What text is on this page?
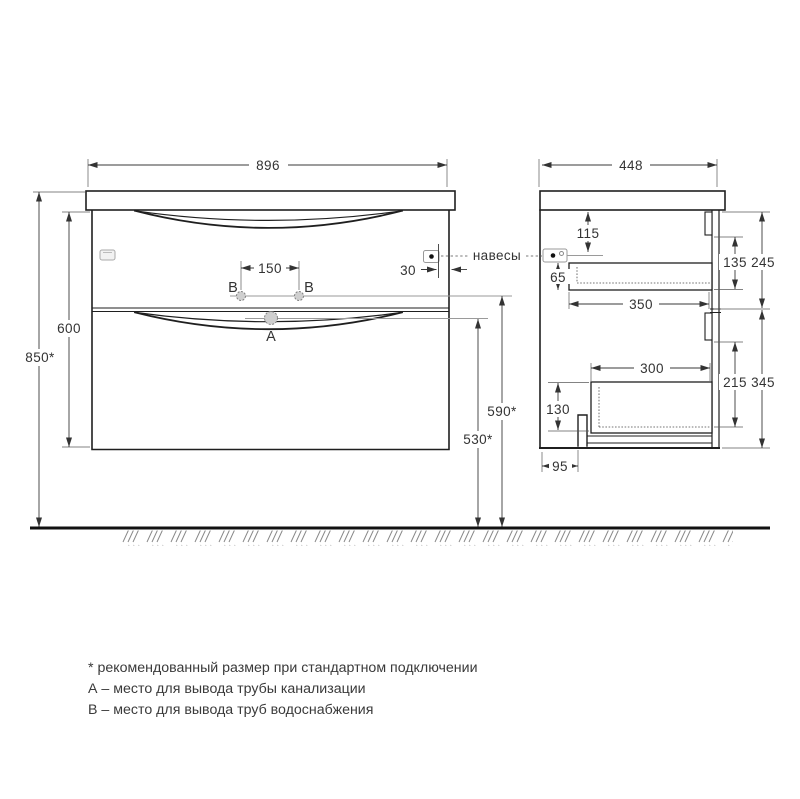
B	B
A
896
600
850*
150	30
448
115
65
350
300
130
95
135 245
215 345
590*
530*
навесы
* рекомендованный размер при стандартном подключении
А – место для вывода трубы канализации
В – место для вывода труб водоснабжения
